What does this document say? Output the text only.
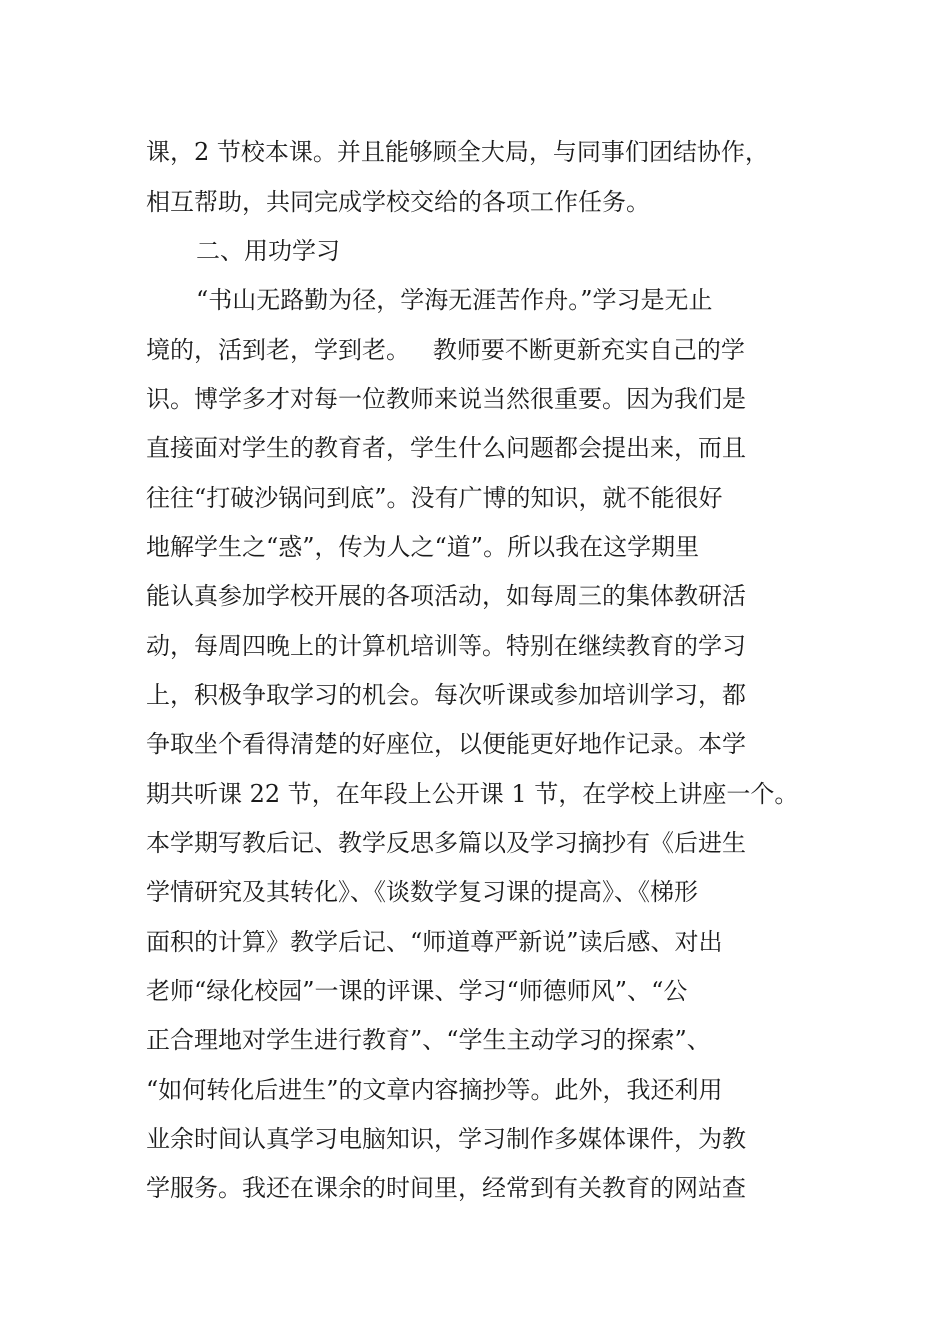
课，2 节校本课。并且能够顾全大局，与同事们团结协作，
相互帮助，共同完成学校交给的各项工作任务。
二、用功学习
“书山无路勤为径，学海无涯苦作舟。”学习是无止
境的，活到老，学到老。   教师要不断更新充实自己的学
识。博学多才对每一位教师来说当然很重要。因为我们是
直接面对学生的教育者，学生什么问题都会提出来，而且
往往“打破沙锅问到底”。没有广博的知识，就不能很好
地解学生之“惑”，传为人之“道”。所以我在这学期里
能认真参加学校开展的各项活动，如每周三的集体教研活
动，每周四晚上的计算机培训等。特别在继续教育的学习
上，积极争取学习的机会。每次听课或参加培训学习，都
争取坐个看得清楚的好座位，以便能更好地作记录。本学
期共听课 22 节，在年段上公开课 1 节，在学校上讲座一个。
本学期写教后记、教学反思多篇以及学习摘抄有《后进生
学情研究及其转化》、《谈数学复习课的提高》、《梯形
面积的计算》教学后记、“师道尊严新说”读后感、对出
老师“绿化校园”一课的评课、学习“师德师风”、“公
正合理地对学生进行教育”、“学生主动学习的探索”、
“如何转化后进生”的文章内容摘抄等。此外，我还利用
业余时间认真学习电脑知识，学习制作多媒体课件，为教
学服务。我还在课余的时间里，经常到有关教育的网站查
